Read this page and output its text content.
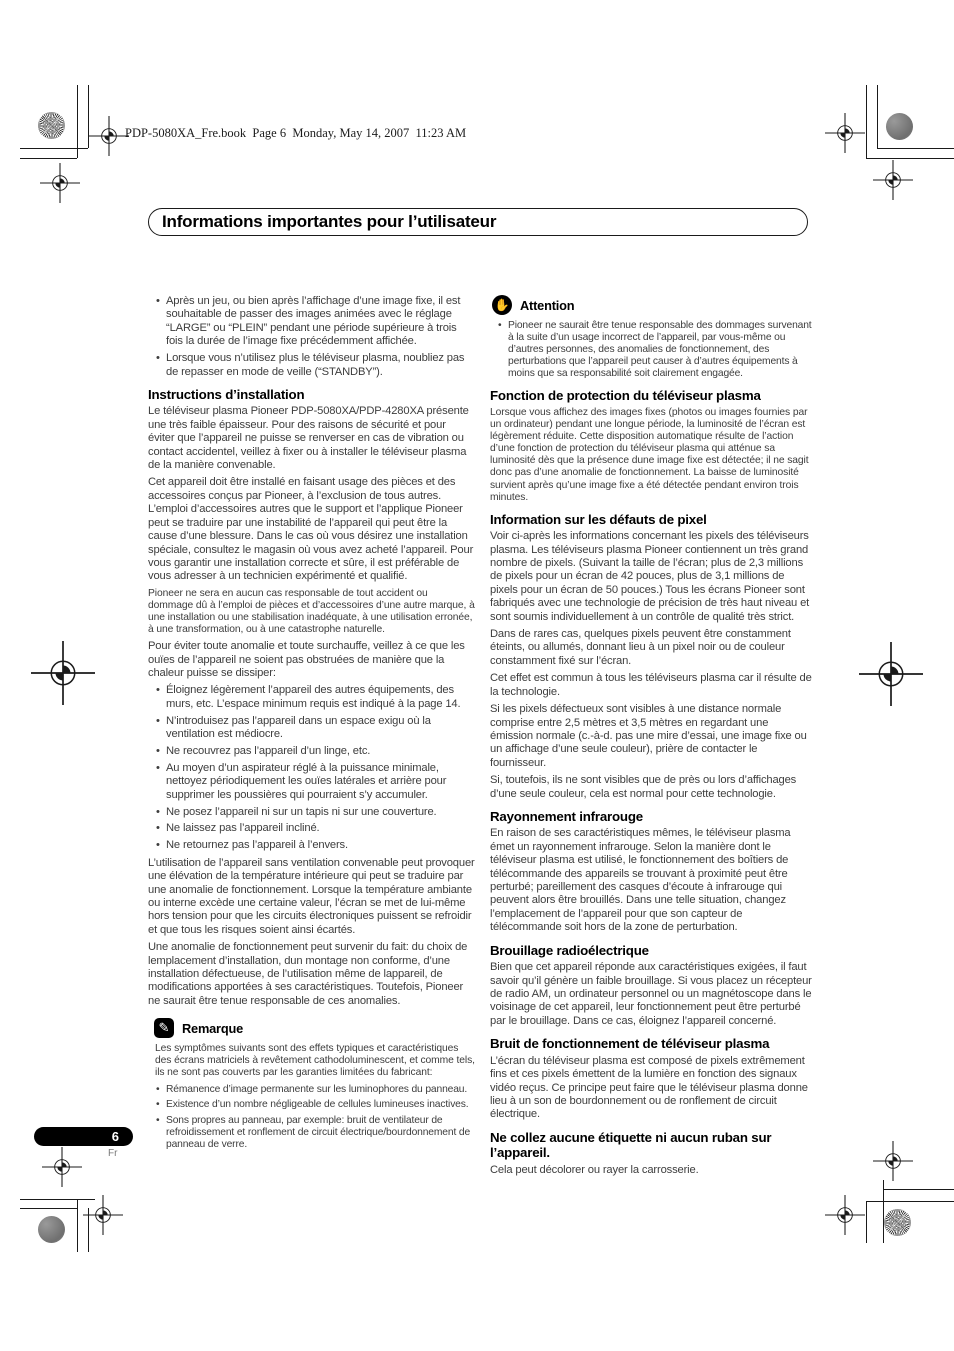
PDP-5080XA_Fre.book  Page 6  Monday, May 14, 2007  11:23 AM
Informations importantes pour l’utilisateur
• Après un jeu, ou bien après l’affichage d’une image fixe, il est souhaitable de passer des images animées avec le réglage “LARGE” ou “PLEIN” pendant une période supérieure à trois fois la durée de l’image fixe précédemment affichée.
• Lorsque vous n’utilisez plus le téléviseur plasma, noubliez pas de repasser en mode de veille (“STANDBY”).
Instructions d’installation

Le téléviseur plasma Pioneer PDP-5080XA/PDP-4280XA présente une très faible épaisseur. Pour des raisons de sécurité et pour éviter que l’appareil ne puisse se renverser en cas de vibration ou contact accidentel, veillez à fixer ou à installer le téléviseur plasma de la manière convenable.

Cet appareil doit être installé en faisant usage des pièces et des accessoires conçus par Pioneer, à l’exclusion de tous autres. L’emploi d’accessoires autres que le support et l’applique Pioneer peut se traduire par une instabilité de l’appareil qui peut être la cause d’une blessure. Dans le cas où vous désirez une installation spéciale, consultez le magasin où vous avez acheté l’appareil. Pour vous garantir une installation correcte et sûre, il est préférable de vous adresser à un technicien expérimenté et qualifié.

Pioneer ne sera en aucun cas responsable de tout accident ou dommage dû à l’emploi de pièces et d’accessoires d’une autre marque, à une installation ou une stabilisation inadéquate, à une utilisation erronée, à une transformation, ou à une catastrophe naturelle.

Pour éviter toute anomalie et toute surchauffe, veillez à ce que les ouïes de l’appareil ne soient pas obstruées de manière que la chaleur puisse se dissiper:

• Éloignez légèrement l’appareil des autres équipements, des murs, etc. L’espace minimum requis est indiqué à la page 14.
• N’introduisez pas l’appareil dans un espace exigu où la ventilation est médiocre.
• Ne recouvrez pas l’appareil d’un linge, etc.
• Au moyen d’un aspirateur réglé à la puissance minimale, nettoyez périodiquement les ouïes latérales et arrière pour supprimer les poussières qui pourraient s’y accumuler.
• Ne posez l’appareil ni sur un tapis ni sur une couverture.
• Ne laissez pas l’appareil incliné.
• Ne retournez pas l’appareil à l’envers.

L’utilisation de l’appareil sans ventilation convenable peut provoquer une élévation de la température intérieure qui peut se traduire par une anomalie de fonctionnement. Lorsque la température ambiante ou interne excède une certaine valeur, l’écran se met de lui-même hors tension pour que les circuits électroniques puissent se refroidir et que tous les risques soient ainsi écartés.

Une anomalie de fonctionnement peut survenir du fait: du choix de lemplacement d’installation, dun montage non conforme, d’une installation défectueuse, de l’utilisation même de lappareil, de modifications apportées à ses caractéristiques. Toutefois, Pioneer ne saurait être tenue responsable de ces anomalies.

✎ Remarque

Les symptômes suivants sont des effets typiques et caractéristiques des écrans matriciels à revêtement cathodoluminescent, et comme tels, ils ne sont pas couverts par les garanties limitées du fabricant:

• Rémanence d’image permanente sur les luminophores du panneau.
• Existence d’un nombre négligeable de cellules lumineuses inactives.
• Sons propres au panneau, par exemple: bruit de ventilateur de refroidissement et ronflement de circuit électrique/bourdonnement de panneau de verre.
✋ Attention
• Pioneer ne saurait être tenue responsable des dommages survenant à la suite d’un usage incorrect de l’appareil, par vous-même ou d’autres personnes, des anomalies de fonctionnement, des perturbations que l’appareil peut causer à d’autres équipements à moins que sa responsabilité soit clairement engagée.
Fonction de protection du téléviseur plasma

Lorsque vous affichez des images fixes (photos ou images fournies par un ordinateur) pendant une longue période, la luminosité de l’écran est légèrement réduite. Cette disposition automatique résulte de l’action d’une fonction de protection du téléviseur plasma qui atténue sa luminosité dès que la présence dune image fixe est détectée; il ne sagit donc pas d’une anomalie de fonctionnement. La baisse de luminosité survient après qu’une image fixe a été détectée pendant environ trois minutes.

Information sur les défauts de pixel

Voir ci-après les informations concernant les pixels des téléviseurs plasma. Les téléviseurs plasma Pioneer contiennent un très grand nombre de pixels. (Suivant la taille de l’écran; plus de 2,3 millions de pixels pour un écran de 42 pouces, plus de 3,1 millions de pixels pour un écran de 50 pouces.) Tous les écrans Pioneer sont fabriqués avec une technologie de précision de très haut niveau et sont soumis individuellement à un contrôle de qualité très strict.

Dans de rares cas, quelques pixels peuvent être constamment éteints, ou allumés, donnant lieu à un pixel noir ou de couleur constamment fixé sur l’écran.

Cet effet est commun à tous les téléviseurs plasma car il résulte de la technologie.

Si les pixels défectueux sont visibles à une distance normale comprise entre 2,5 mètres et 3,5 mètres en regardant une émission normale (c.-à-d. pas une mire d’essai, une image fixe ou un affichage d’une seule couleur), prière de contacter le fournisseur.

Si, toutefois, ils ne sont visibles que de près ou lors d’affichages d’une seule couleur, cela est normal pour cette technologie.

Rayonnement infrarouge

En raison de ses caractéristiques mêmes, le téléviseur plasma émet un rayonnement infrarouge. Selon la manière dont le téléviseur plasma est utilisé, le fonctionnement des boîtiers de télécommande des appareils se trouvant à proximité peut être perturbé; pareillement des casques d’écoute à infrarouge qui peuvent alors être brouillés. Dans une telle situation, changez l’emplacement de l’appareil pour que son capteur de télécommande soit hors de la zone de perturbation.

Brouillage radioélectrique

Bien que cet appareil réponde aux caractéristiques exigées, il faut savoir qu’il génère un faible brouillage. Si vous placez un récepteur de radio AM, un ordinateur personnel ou un magnétoscope dans le voisinage de cet appareil, leur fonctionnement peut être perturbé par le brouillage. Dans ce cas, éloignez l’appareil concerné.

Bruit de fonctionnement de téléviseur plasma

L’écran du téléviseur plasma est composé de pixels extrêmement fins et ces pixels émettent de la lumière en fonction des signaux vidéo reçus. Ce principe peut faire que le téléviseur plasma donne lieu à un son de bourdonnement ou de ronflement de circuit électrique.

Ne collez aucune étiquette ni aucun ruban sur l’appareil.

Cela peut décolorer ou rayer la carrosserie.

6
Fr
